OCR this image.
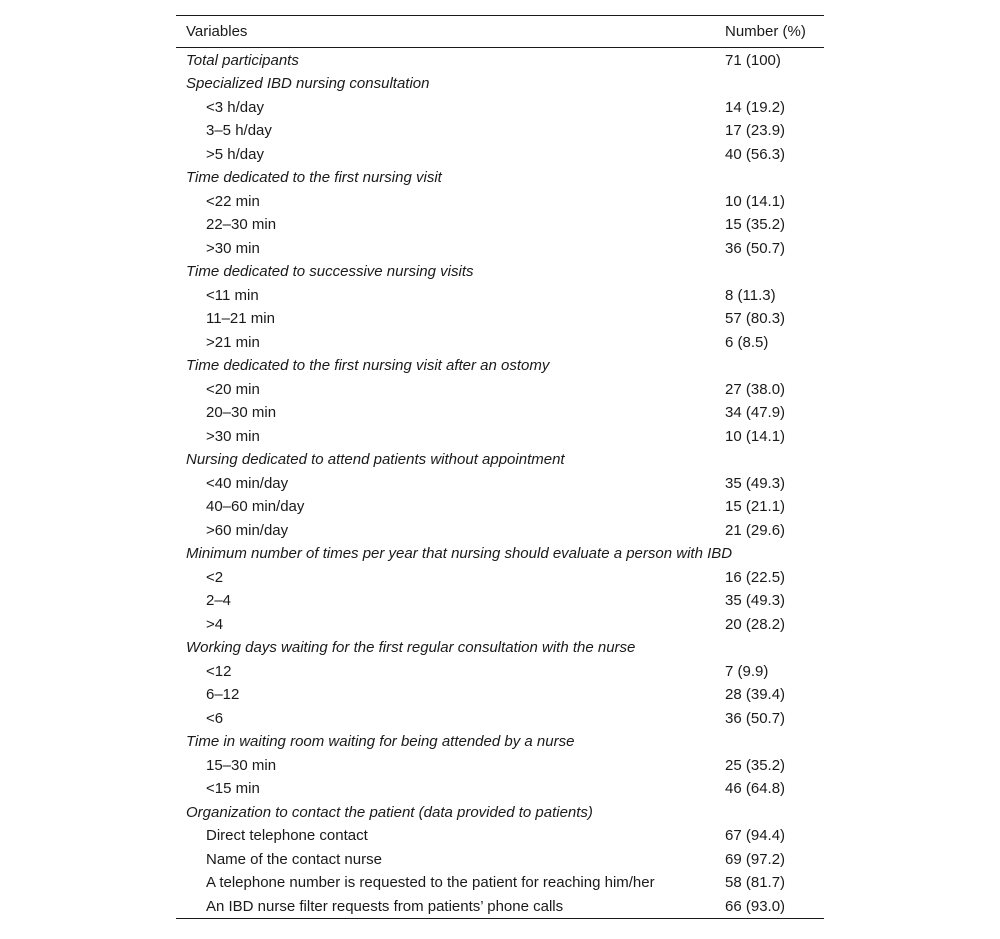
Variables	Number (%)
Total participants	71 (100)
Specialized IBD nursing consultation
<3 h/day	14 (19.2)
3–5 h/day	17 (23.9)
>5 h/day	40 (56.3)
Time dedicated to the first nursing visit
<22 min	10 (14.1)
22–30 min	15 (35.2)
>30 min	36 (50.7)
Time dedicated to successive nursing visits
<11 min	8 (11.3)
11–21 min	57 (80.3)
>21 min	6 (8.5)
Time dedicated to the first nursing visit after an ostomy
<20 min	27 (38.0)
20–30 min	34 (47.9)
>30 min	10 (14.1)
Nursing dedicated to attend patients without appointment
<40 min/day	35 (49.3)
40–60 min/day	15 (21.1)
>60 min/day	21 (29.6)
Minimum number of times per year that nursing should evaluate a person with IBD
<2	16 (22.5)
2–4	35 (49.3)
>4	20 (28.2)
Working days waiting for the first regular consultation with the nurse
<12	7 (9.9)
6–12	28 (39.4)
<6	36 (50.7)
Time in waiting room waiting for being attended by a nurse
15–30 min	25 (35.2)
<15 min	46 (64.8)
Organization to contact the patient (data provided to patients)
Direct telephone contact	67 (94.4)
Name of the contact nurse	69 (97.2)
A telephone number is requested to the patient for reaching him/her	58 (81.7)
An IBD nurse filter requests from patients’ phone calls	66 (93.0)
